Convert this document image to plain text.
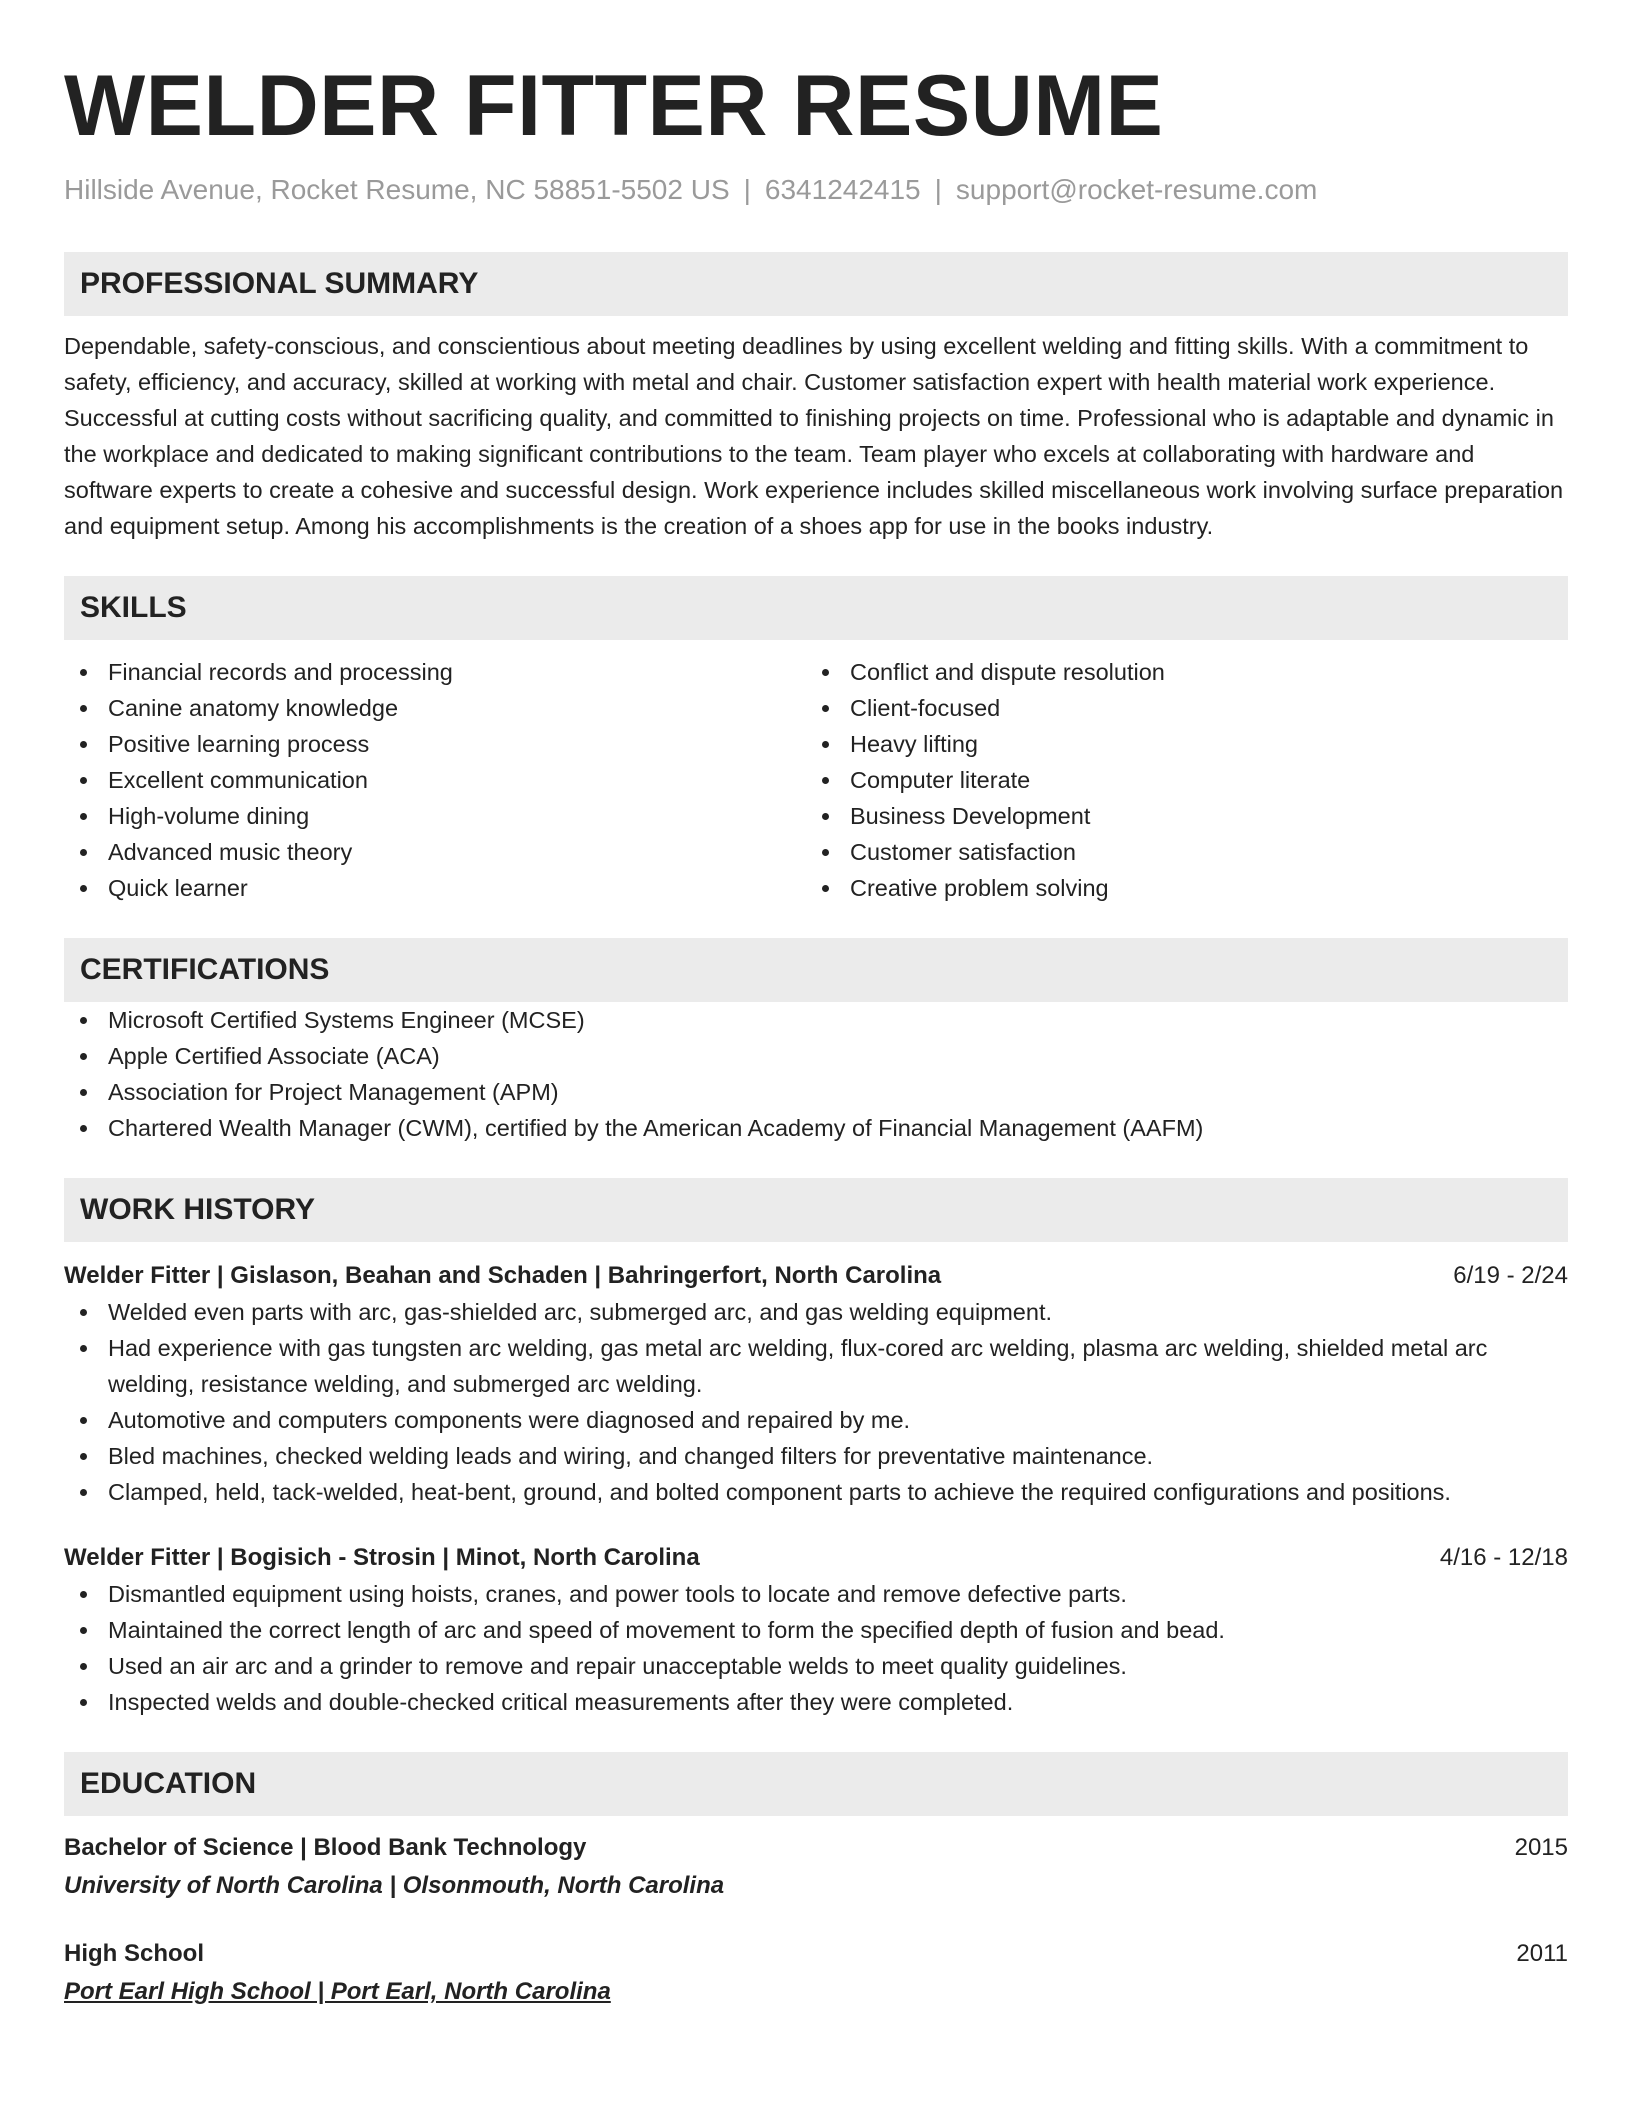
WELDER FITTER RESUME
Hillside Avenue, Rocket Resume, NC 58851-5502 US | 6341242415 | support@rocket-resume.com
PROFESSIONAL SUMMARY
Dependable, safety-conscious, and conscientious about meeting deadlines by using excellent welding and fitting skills. With a commitment to safety, efficiency, and accuracy, skilled at working with metal and chair. Customer satisfaction expert with health material work experience. Successful at cutting costs without sacrificing quality, and committed to finishing projects on time. Professional who is adaptable and dynamic in the workplace and dedicated to making significant contributions to the team. Team player who excels at collaborating with hardware and software experts to create a cohesive and successful design. Work experience includes skilled miscellaneous work involving surface preparation and equipment setup. Among his accomplishments is the creation of a shoes app for use in the books industry.
SKILLS
Financial records and processing
Canine anatomy knowledge
Positive learning process
Excellent communication
High-volume dining
Advanced music theory
Quick learner
Conflict and dispute resolution
Client-focused
Heavy lifting
Computer literate
Business Development
Customer satisfaction
Creative problem solving
CERTIFICATIONS
Microsoft Certified Systems Engineer (MCSE)
Apple Certified Associate (ACA)
Association for Project Management (APM)
Chartered Wealth Manager (CWM), certified by the American Academy of Financial Management (AAFM)
WORK HISTORY
Welder Fitter | Gislason, Beahan and Schaden | Bahringerfort, North Carolina	6/19 - 2/24
Welded even parts with arc, gas-shielded arc, submerged arc, and gas welding equipment.
Had experience with gas tungsten arc welding, gas metal arc welding, flux-cored arc welding, plasma arc welding, shielded metal arc welding, resistance welding, and submerged arc welding.
Automotive and computers components were diagnosed and repaired by me.
Bled machines, checked welding leads and wiring, and changed filters for preventative maintenance.
Clamped, held, tack-welded, heat-bent, ground, and bolted component parts to achieve the required configurations and positions.
Welder Fitter | Bogisich - Strosin | Minot, North Carolina	4/16 - 12/18
Dismantled equipment using hoists, cranes, and power tools to locate and remove defective parts.
Maintained the correct length of arc and speed of movement to form the specified depth of fusion and bead.
Used an air arc and a grinder to remove and repair unacceptable welds to meet quality guidelines.
Inspected welds and double-checked critical measurements after they were completed.
EDUCATION
Bachelor of Science | Blood Bank Technology	2015
University of North Carolina | Olsonmouth, North Carolina
High School	2011
Port Earl High School | Port Earl, North Carolina
